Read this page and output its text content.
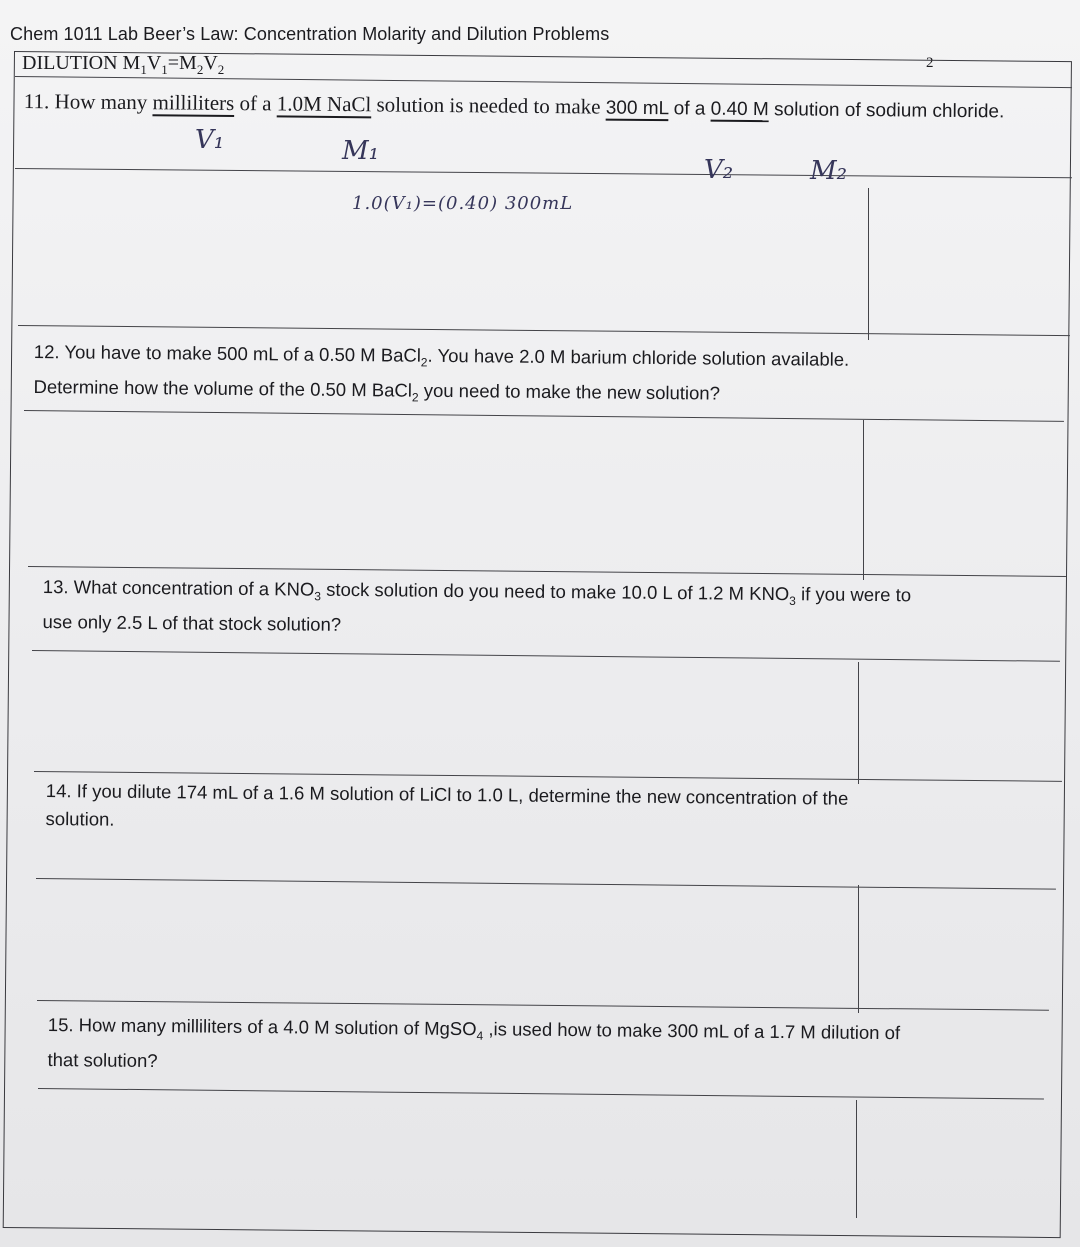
Chem 1011 Lab Beer’s Law: Concentration Molarity and Dilution Problems
2
DILUTION $M_1V_1=M_2V_2$
11. How many milliliters of a 1.0M NaCl solution is needed to make 300 mL of a 0.40 M solution of sodium chloride.
V₁	M₁
V₂	M₂
1.0(V₁)=(0.40) 300mL
12. You have to make 500 mL of a 0.50 M BaCl$_2$. You have 2.0 M barium chloride solution available.
Determine how the volume of the 0.50 M BaCl$_2$ you need to make the new solution?
13. What concentration of a $KNO_3$ stock solution do you need to make 10.0 L of 1.2 M $KNO_3$ if you were to
use only 2.5 L of that stock solution?
14. If you dilute 174 mL of a 1.6 M solution of LiCl to 1.0 L, determine the new concentration of the
solution.
15. How many milliliters of a 4.0 M solution of MgSO$_4$ ,is used how to make 300 mL of a 1.7 M dilution of
that solution?
